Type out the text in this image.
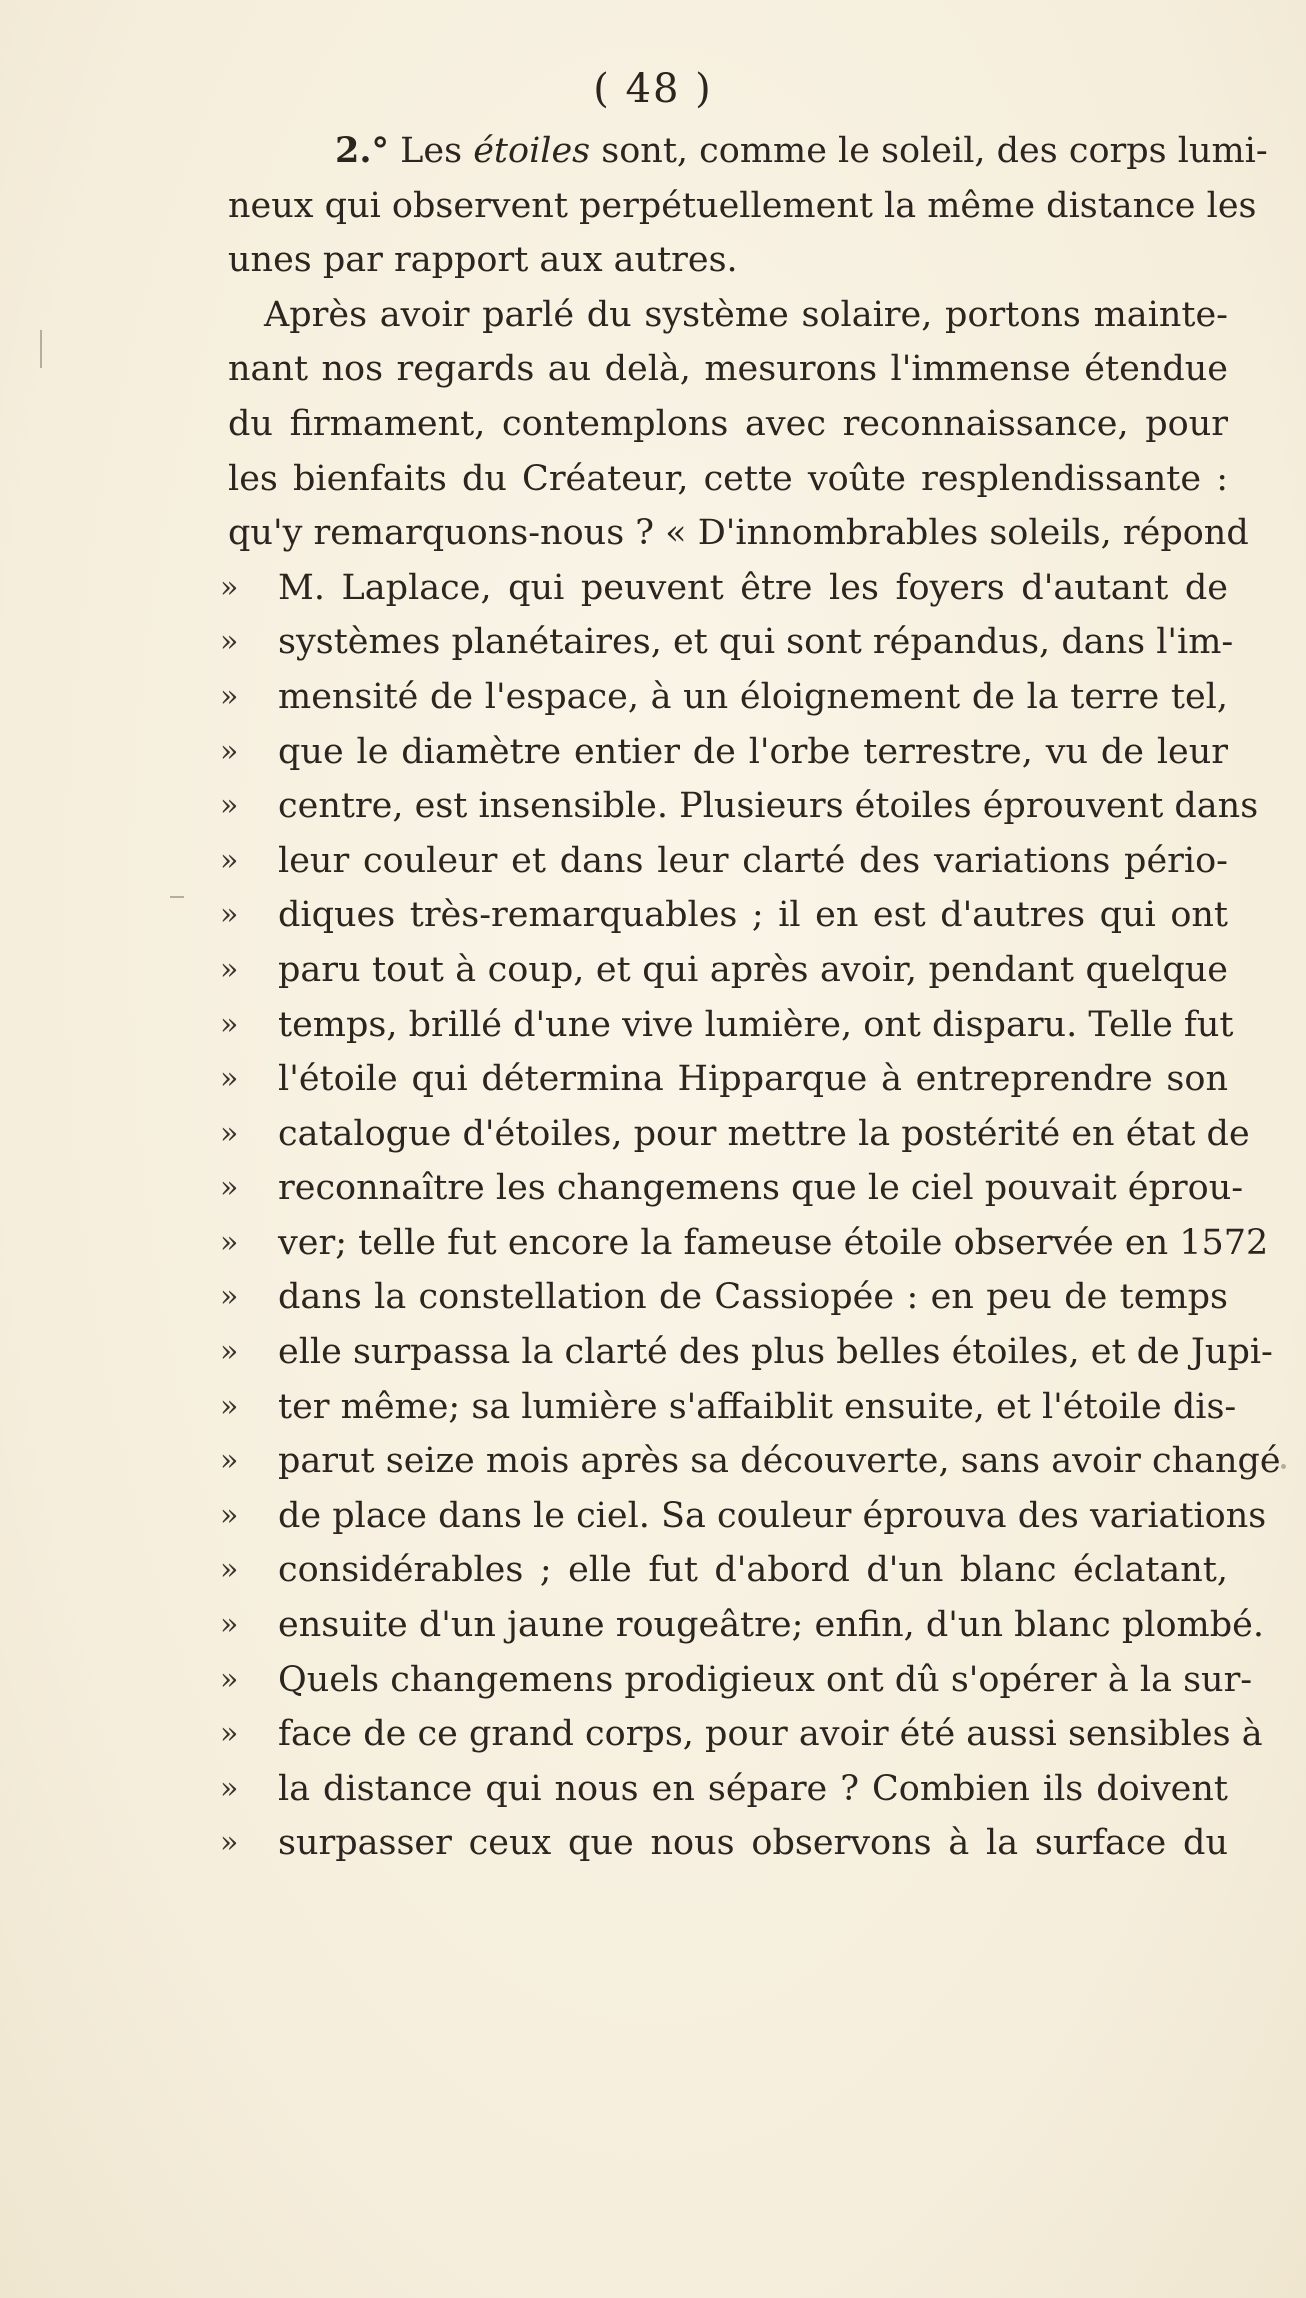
( 48 )
2.° Les étoiles sont, comme le soleil, des corps lumi-
neux qui observent perpétuellement la même distance les
unes par rapport aux autres.
Après avoir parlé du système solaire, portons mainte-
nant nos regards au delà, mesurons l'immense étendue
du firmament, contemplons avec reconnaissance, pour
les bienfaits du Créateur, cette voûte resplendissante :
qu'y remarquons-nous ? « D'innombrables soleils, répond
» M. Laplace, qui peuvent être les foyers d'autant de
» systèmes planétaires, et qui sont répandus, dans l'im-
» mensité de l'espace, à un éloignement de la terre tel,
» que le diamètre entier de l'orbe terrestre, vu de leur
» centre, est insensible. Plusieurs étoiles éprouvent dans
» leur couleur et dans leur clarté des variations pério-
» diques très-remarquables ; il en est d'autres qui ont
» paru tout à coup, et qui après avoir, pendant quelque
» temps, brillé d'une vive lumière, ont disparu. Telle fut
» l'étoile qui détermina Hipparque à entreprendre son
» catalogue d'étoiles, pour mettre la postérité en état de
» reconnaître les changemens que le ciel pouvait éprou-
» ver; telle fut encore la fameuse étoile observée en 1572
» dans la constellation de Cassiopée : en peu de temps
» elle surpassa la clarté des plus belles étoiles, et de Jupi-
» ter même; sa lumière s'affaiblit ensuite, et l'étoile dis-
» parut seize mois après sa découverte, sans avoir changé
» de place dans le ciel. Sa couleur éprouva des variations
» considérables ; elle fut d'abord d'un blanc éclatant,
» ensuite d'un jaune rougeâtre; enfin, d'un blanc plombé.
» Quels changemens prodigieux ont dû s'opérer à la sur-
» face de ce grand corps, pour avoir été aussi sensibles à
» la distance qui nous en sépare ? Combien ils doivent
» surpasser ceux que nous observons à la surface du
